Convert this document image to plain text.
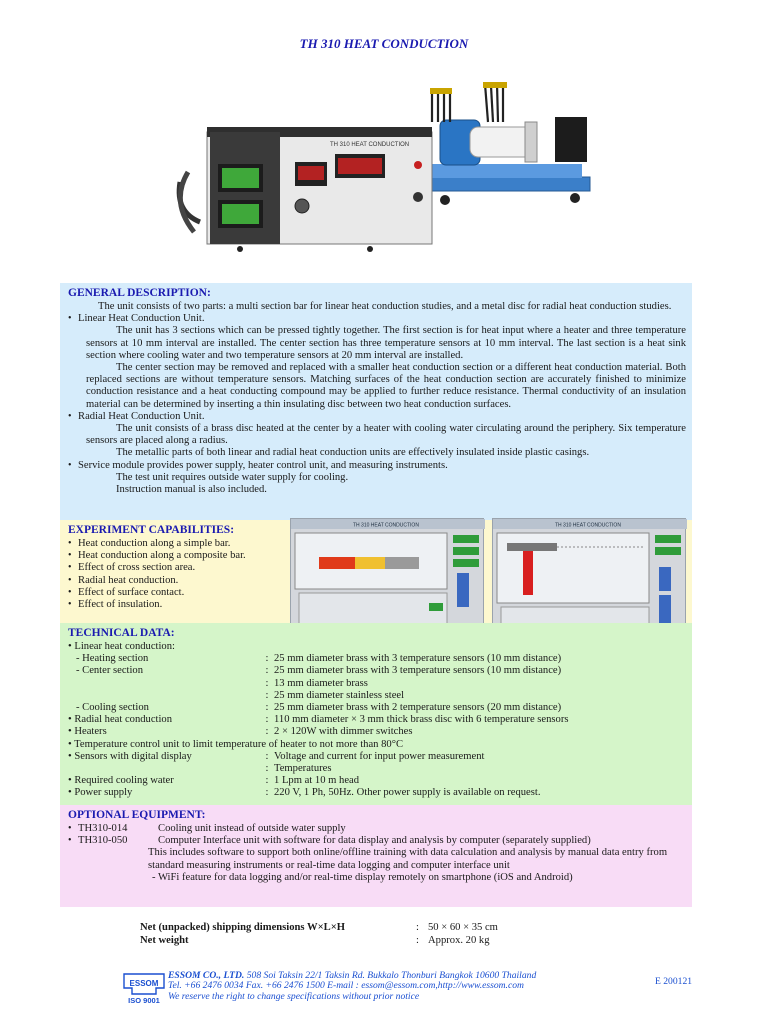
TH 310 HEAT CONDUCTION
TH 310 HEAT CONDUCTION
GENERAL DESCRIPTION:
The unit consists of two parts: a multi section bar for linear heat conduction studies, and a metal disc for radial heat conduction studies.
• Linear Heat Conduction Unit.
The unit has 3 sections which can be pressed tightly together. The first section is for heat input where a heater and three temperature sensors at 10 mm interval are installed. The center section has three temperature sensors at 10 mm interval. The last section is a heat sink section where cooling water and two temperature sensors at 20 mm interval are installed.
The center section may be removed and replaced with a smaller heat conduction section or a different heat conduction material. Both replaced sections are without temperature sensors. Matching surfaces of the heat conduction section are accurately finished to minimize conduction resistance and a heat conducting compound may be applied to further reduce resistance. Thermal conductivity of an insulation material can be determined by inserting a thin insulating disc between two heat conduction surfaces.
• Radial Heat Conduction Unit.
The unit consists of a brass disc heated at the center by a heater with cooling water circulating around the periphery. Six temperature sensors are placed along a radius.
The metallic parts of both linear and radial heat conduction units are effectively insulated inside plastic casings.
• Service module provides power supply, heater control unit, and measuring instruments.
The test unit requires outside water supply for cooling.
Instruction manual is also included.
EXPERIMENT CAPABILITIES:
• Heat conduction along a simple bar.
• Heat conduction along a composite bar.
• Effect of cross section area.
• Radial heat conduction.
• Effect of surface contact.
• Effect of insulation.
TH 310 HEAT CONDUCTION	TH 310 HEAT CONDUCTION
TECHNICAL DATA:
• Linear heat conduction:
- Heating section	: 25 mm diameter brass with 3 temperature sensors (10 mm distance)
- Center section	: 25 mm diameter brass with 3 temperature sensors (10 mm distance)
: 13 mm diameter brass
: 25 mm diameter stainless steel
- Cooling section	: 25 mm diameter brass with 2 temperature sensors (20 mm distance)
• Radial heat conduction	: 110 mm diameter × 3 mm thick brass disc with 6 temperature sensors
• Heaters	: 2 × 120W with dimmer switches
• Temperature control unit to limit temperature of heater to not more than 80°C
• Sensors with digital display	: Voltage and current for input power measurement
: Temperatures
• Required cooling water	: 1 Lpm at 10 m head
• Power supply	: 220 V, 1 Ph, 50Hz. Other power supply is available on request.
OPTIONAL EQUIPMENT:
• TH310-014	Cooling unit instead of outside water supply
• TH310-050	Computer Interface unit with software for data display and analysis by computer (separately supplied)
This includes software to support both online/offline training with data calculation and analysis by manual data entry from standard measuring instruments or real-time data logging and computer interface unit
- WiFi feature for data logging and/or real-time display remotely on smartphone (iOS and Android)
Net (unpacked) shipping dimensions W×L×H	: 50 × 60 × 35 cm
Net weight	: Approx. 20 kg
ESSOM
ISO 9001
ESSOM CO., LTD. 508 Soi Taksin 22/1 Taksin Rd. Bukkalo Thonburi Bangkok 10600 Thailand
Tel. +66 2476 0034 Fax. +66 2476 1500 E-mail : essom@essom.com,http://www.essom.com
We reserve the right to change specifications without prior notice
E 200121
